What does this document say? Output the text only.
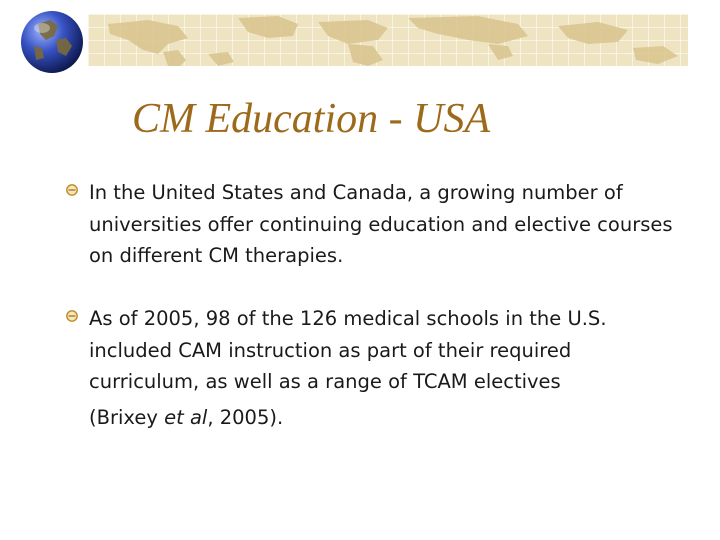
CM Education - USA
In the United States and Canada, a growing number of universities offer continuing education and elective courses on different CM therapies.
As of 2005, 98 of the 126 medical schools in the U.S. included CAM instruction as part of their required curriculum, as well as a range of TCAM electives
(Brixey et al, 2005).
